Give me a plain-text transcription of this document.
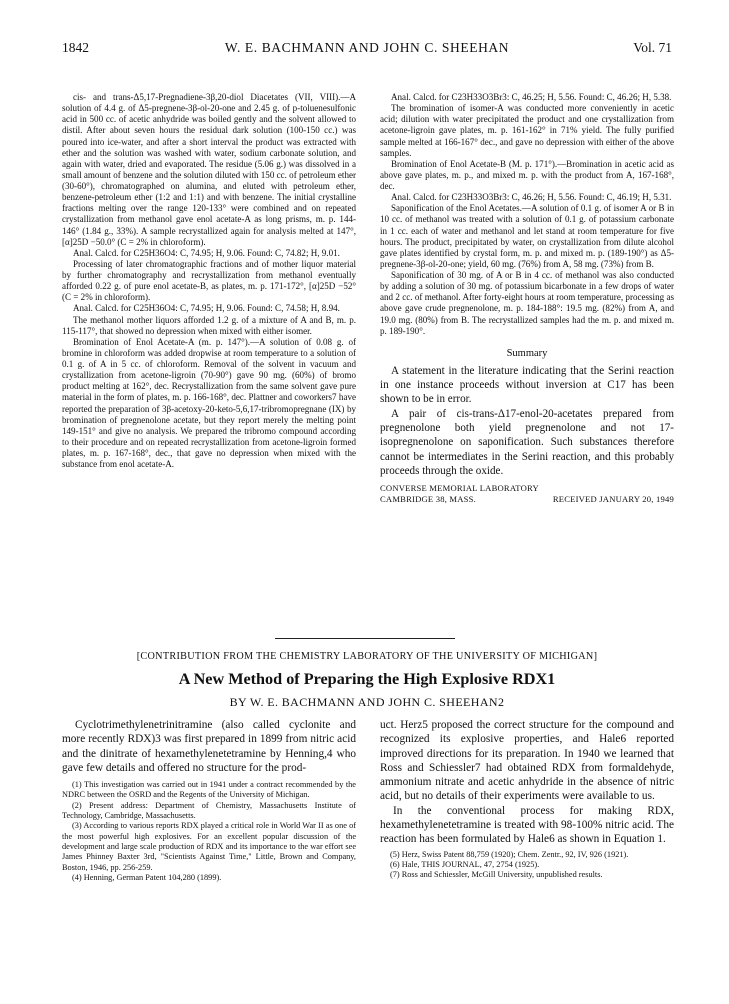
1842	W. E. BACHMANN AND JOHN C. SHEEHAN	Vol. 71

cis- and trans-Δ5,17-Pregnadiene-3β,20-diol Diacetates (VII, VIII).—A solution of 4.4 g. of Δ5-pregnene-3β-ol-20-one and 2.45 g. of p-toluenesulfonic acid in 500 cc. of acetic anhydride was boiled gently and the solvent allowed to distil. After about seven hours the residual dark solution (100-150 cc.) was poured into ice-water, and after a short interval the product was extracted with ether and the solution was washed with water, sodium carbonate solution, and again with water, dried and evaporated. The residue (5.06 g.) was dissolved in a small amount of benzene and the solution diluted with 150 cc. of petroleum ether (30-60°), chromatographed on alumina, and eluted with petroleum ether, benzene-petroleum ether (1:2 and 1:1) and with benzene. The initial crystalline fractions melting over the range 120-133° were combined and on repeated crystallization from methanol gave enol acetate-A as long prisms, m. p. 144-146° (1.84 g., 33%). A sample recrystallized again for analysis melted at 147°, [α]25D −50.0° (C = 2% in chloroform).

Anal. Calcd. for C25H36O4: C, 74.95; H, 9.06. Found: C, 74.82; H, 9.01.

Processing of later chromatographic fractions and of mother liquor material by further chromatography and recrystallization from methanol eventually afforded 0.22 g. of pure enol acetate-B, as plates, m. p. 171-172°, [α]25D −52° (C = 2% in chloroform).

Anal. Calcd. for C25H36O4: C, 74.95; H, 9.06. Found: C, 74.58; H, 8.94.

The methanol mother liquors afforded 1.2 g. of a mixture of A and B, m. p. 115-117°, that showed no depression when mixed with either isomer.

Bromination of Enol Acetate-A (m. p. 147°).—A solution of 0.08 g. of bromine in chloroform was added dropwise at room temperature to a solution of 0.1 g. of A in 5 cc. of chloroform. Removal of the solvent in vacuum and crystallization from acetone-ligroin (70-90°) gave 90 mg. (60%) of bromo product melting at 162°, dec. Recrystallization from the same solvent gave pure material in the form of plates, m. p. 166-168°, dec. Plattner and coworkers7 have reported the preparation of 3β-acetoxy-20-keto-5,6,17-tribromopregnane (IX) by bromination of pregnenolone acetate, but they report merely the melting point 149-151° and give no analysis. We prepared the tribromo compound according to their procedure and on repeated recrystallization from acetone-ligroin formed plates, m. p. 167-168°, dec., that gave no depression when mixed with the substance from enol acetate-A.

Anal. Calcd. for C23H33O3Br3: C, 46.25; H, 5.56. Found: C, 46.26; H, 5.38.

The bromination of isomer-A was conducted more conveniently in acetic acid; dilution with water precipitated the product and one crystallization from acetone-ligroin gave plates, m. p. 161-162° in 71% yield. The fully purified sample melted at 166-167° dec., and gave no depression with either of the above samples.

Bromination of Enol Acetate-B (M. p. 171°).—Bromination in acetic acid as above gave plates, m. p., and mixed m. p. with the product from A, 167-168°, dec.

Anal. Calcd. for C23H33O3Br3: C, 46.26; H, 5.56. Found: C, 46.19; H, 5.31.

Saponification of the Enol Acetates.—A solution of 0.1 g. of isomer A or B in 10 cc. of methanol was treated with a solution of 0.1 g. of potassium carbonate in 1 cc. each of water and methanol and let stand at room temperature for five hours. The product, precipitated by water, on crystallization from dilute alcohol gave plates identified by crystal form, m. p. and mixed m. p. (189-190°) as Δ5-pregnene-3β-ol-20-one; yield, 60 mg. (76%) from A, 58 mg. (73%) from B.

Saponification of 30 mg. of A or B in 4 cc. of methanol was also conducted by adding a solution of 30 mg. of potassium bicarbonate in a few drops of water and 2 cc. of methanol. After forty-eight hours at room temperature, processing as above gave crude pregnenolone, m. p. 184-188°: 19.5 mg. (82%) from A, and 19.0 mg. (80%) from B. The recrystallized samples had the m. p. and mixed m. p. 189-190°.

Summary

A statement in the literature indicating that the Serini reaction in one instance proceeds without inversion at C17 has been shown to be in error.

A pair of cis-trans-Δ17-enol-20-acetates prepared from pregnenolone both yield pregnenolone and not 17-isopregnenolone on saponification. Such substances therefore cannot be intermediates in the Serini reaction, and this probably proceeds through the oxide.

CONVERSE MEMORIAL LABORATORY
CAMBRIDGE 38, MASS.	RECEIVED JANUARY 20, 1949
[CONTRIBUTION FROM THE CHEMISTRY LABORATORY OF THE UNIVERSITY OF MICHIGAN]
A New Method of Preparing the High Explosive RDX1
BY W. E. BACHMANN AND JOHN C. SHEEHAN2

Cyclotrimethylenetrinitramine (also called cyclonite and more recently RDX)3 was first prepared in 1899 from nitric acid and the dinitrate of hexamethylenetetramine by Henning,4 who gave few details and offered no structure for the prod-

(1) This investigation was carried out in 1941 under a contract recommended by the NDRC between the OSRD and the Regents of the University of Michigan.

(2) Present address: Department of Chemistry, Massachusetts Institute of Technology, Cambridge, Massachusetts.

(3) According to various reports RDX played a critical role in World War II as one of the most powerful high explosives. For an excellent popular discussion of the development and large scale production of RDX and its importance to the war effort see James Phinney Baxter 3rd, "Scientists Against Time," Little, Brown and Company, Boston, 1946, pp. 256-259.

(4) Henning, German Patent 104,280 (1899).

uct. Herz5 proposed the correct structure for the compound and recognized its explosive properties, and Hale6 reported improved directions for its preparation. In 1940 we learned that Ross and Schiessler7 had obtained RDX from formaldehyde, ammonium nitrate and acetic anhydride in the absence of nitric acid, but no details of their experiments were available to us.

In the conventional process for making RDX, hexamethylenetetramine is treated with 98-100% nitric acid. The reaction has been formulated by Hale6 as shown in Equation 1.

(5) Herz, Swiss Patent 88,759 (1920); Chem. Zentr., 92, IV, 926 (1921).

(6) Hale, THIS JOURNAL, 47, 2754 (1925).

(7) Ross and Schiessler, McGill University, unpublished results.
